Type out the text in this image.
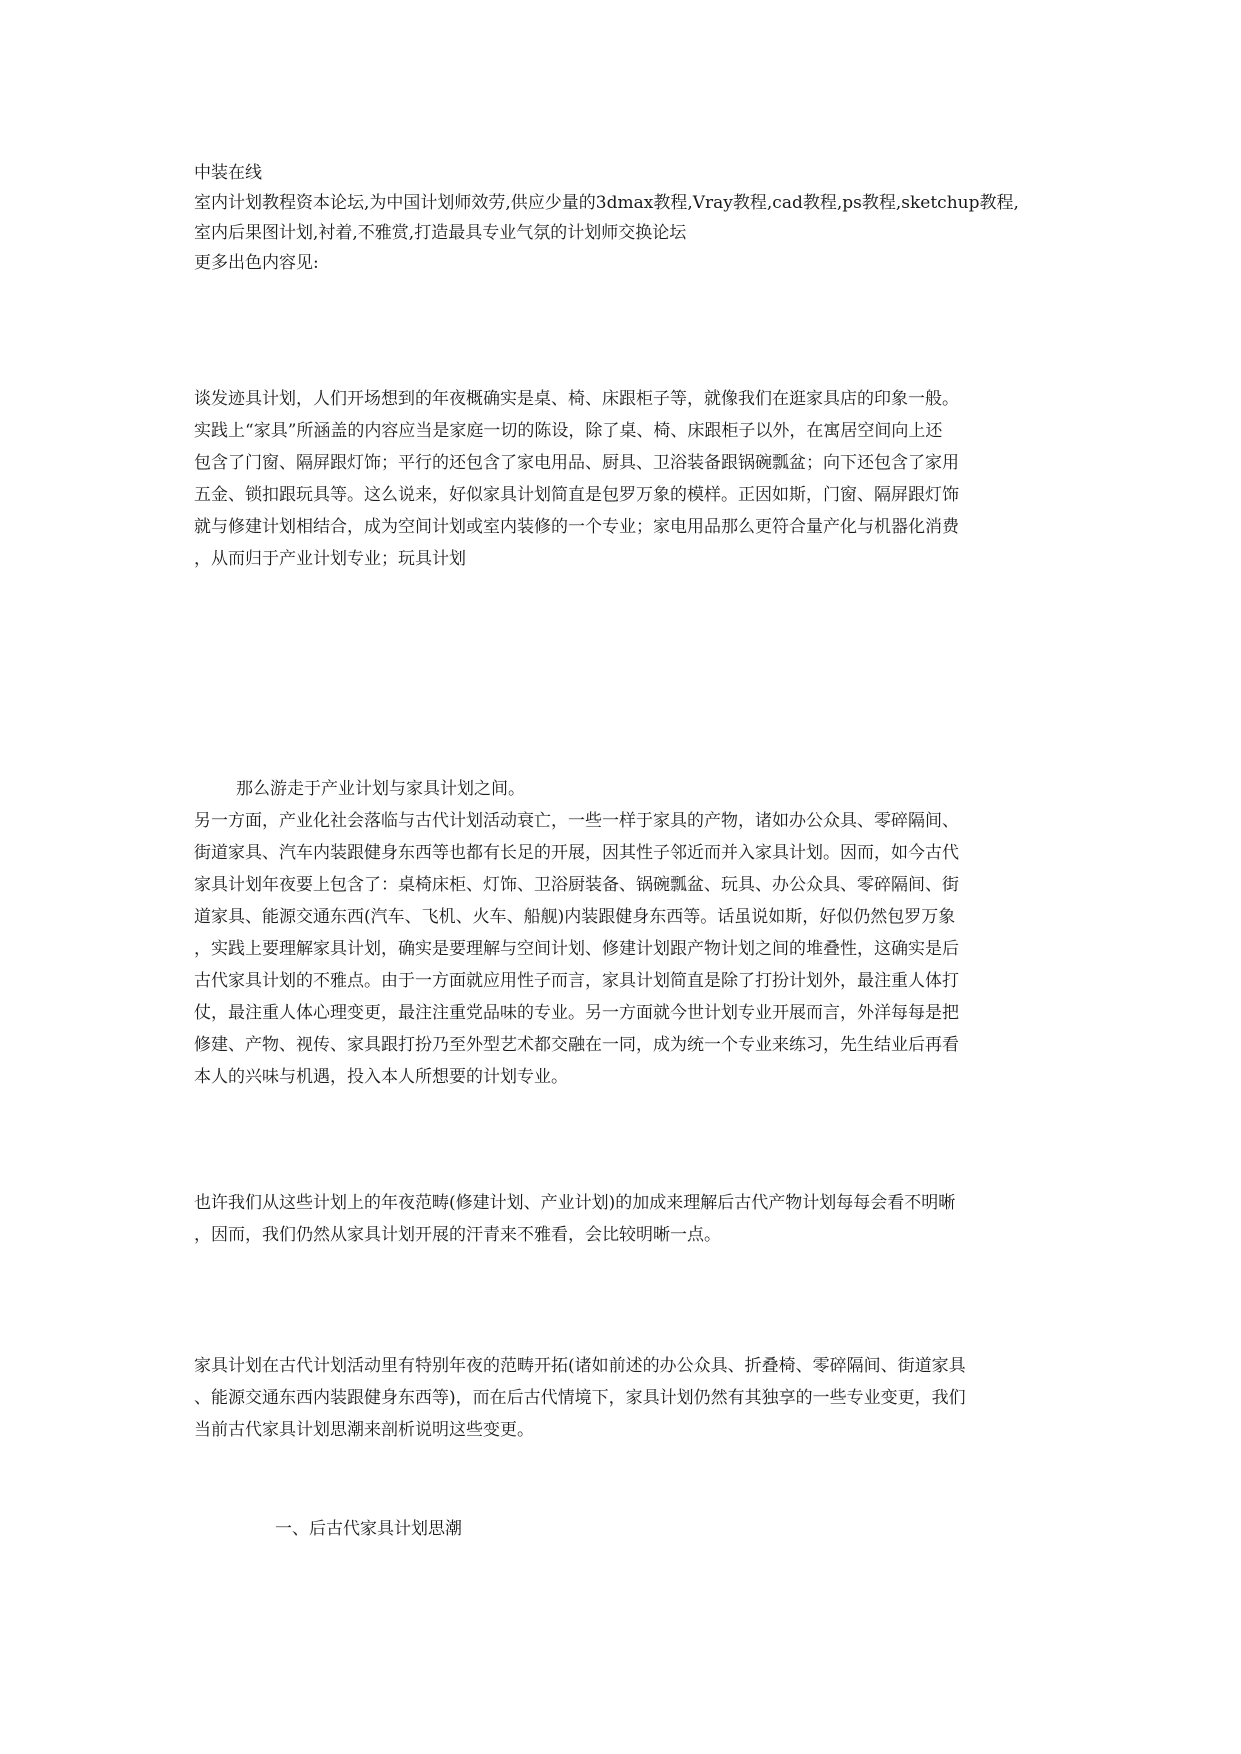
中装在线
室内计划教程资本论坛,为中国计划师效劳,供应少量的3dmax教程,Vray教程,cad教程,ps教程,sketchup教程,
室内后果图计划,衬着,不雅赏,打造最具专业气氛的计划师交换论坛
更多出色内容见:
谈发迹具计划，人们开场想到的年夜概确实是桌、椅、床跟柜子等，就像我们在逛家具店的印象一般。
实践上“家具”所涵盖的内容应当是家庭一切的陈设，除了桌、椅、床跟柜子以外，在寓居空间向上还
包含了门窗、隔屏跟灯饰；平行的还包含了家电用品、厨具、卫浴装备跟锅碗瓢盆；向下还包含了家用
五金、锁扣跟玩具等。这么说来，好似家具计划简直是包罗万象的模样。正因如斯，门窗、隔屏跟灯饰
就与修建计划相结合，成为空间计划或室内装修的一个专业；家电用品那么更符合量产化与机器化消费
，从而归于产业计划专业；玩具计划
那么游走于产业计划与家具计划之间。
另一方面，产业化社会落临与古代计划活动衰亡，一些一样于家具的产物，诸如办公众具、零碎隔间、
街道家具、汽车内装跟健身东西等也都有长足的开展，因其性子邻近而并入家具计划。因而，如今古代
家具计划年夜要上包含了：桌椅床柜、灯饰、卫浴厨装备、锅碗瓢盆、玩具、办公众具、零碎隔间、街
道家具、能源交通东西(汽车、飞机、火车、船舰)内装跟健身东西等。话虽说如斯，好似仍然包罗万象
，实践上要理解家具计划，确实是要理解与空间计划、修建计划跟产物计划之间的堆叠性，这确实是后
古代家具计划的不雅点。由于一方面就应用性子而言，家具计划简直是除了打扮计划外，最注重人体打
仗，最注重人体心理变更，最注注重党品味的专业。另一方面就今世计划专业开展而言，外洋每每是把
修建、产物、视传、家具跟打扮乃至外型艺术都交融在一同，成为统一个专业来练习，先生结业后再看
本人的兴味与机遇，投入本人所想要的计划专业。
也许我们从这些计划上的年夜范畴(修建计划、产业计划)的加成来理解后古代产物计划每每会看不明晰
，因而，我们仍然从家具计划开展的汗青来不雅看，会比较明晰一点。
家具计划在古代计划活动里有特别年夜的范畴开拓(诸如前述的办公众具、折叠椅、零碎隔间、街道家具
、能源交通东西内装跟健身东西等)，而在后古代情境下，家具计划仍然有其独享的一些专业变更，我们
当前古代家具计划思潮来剖析说明这些变更。
一、后古代家具计划思潮
